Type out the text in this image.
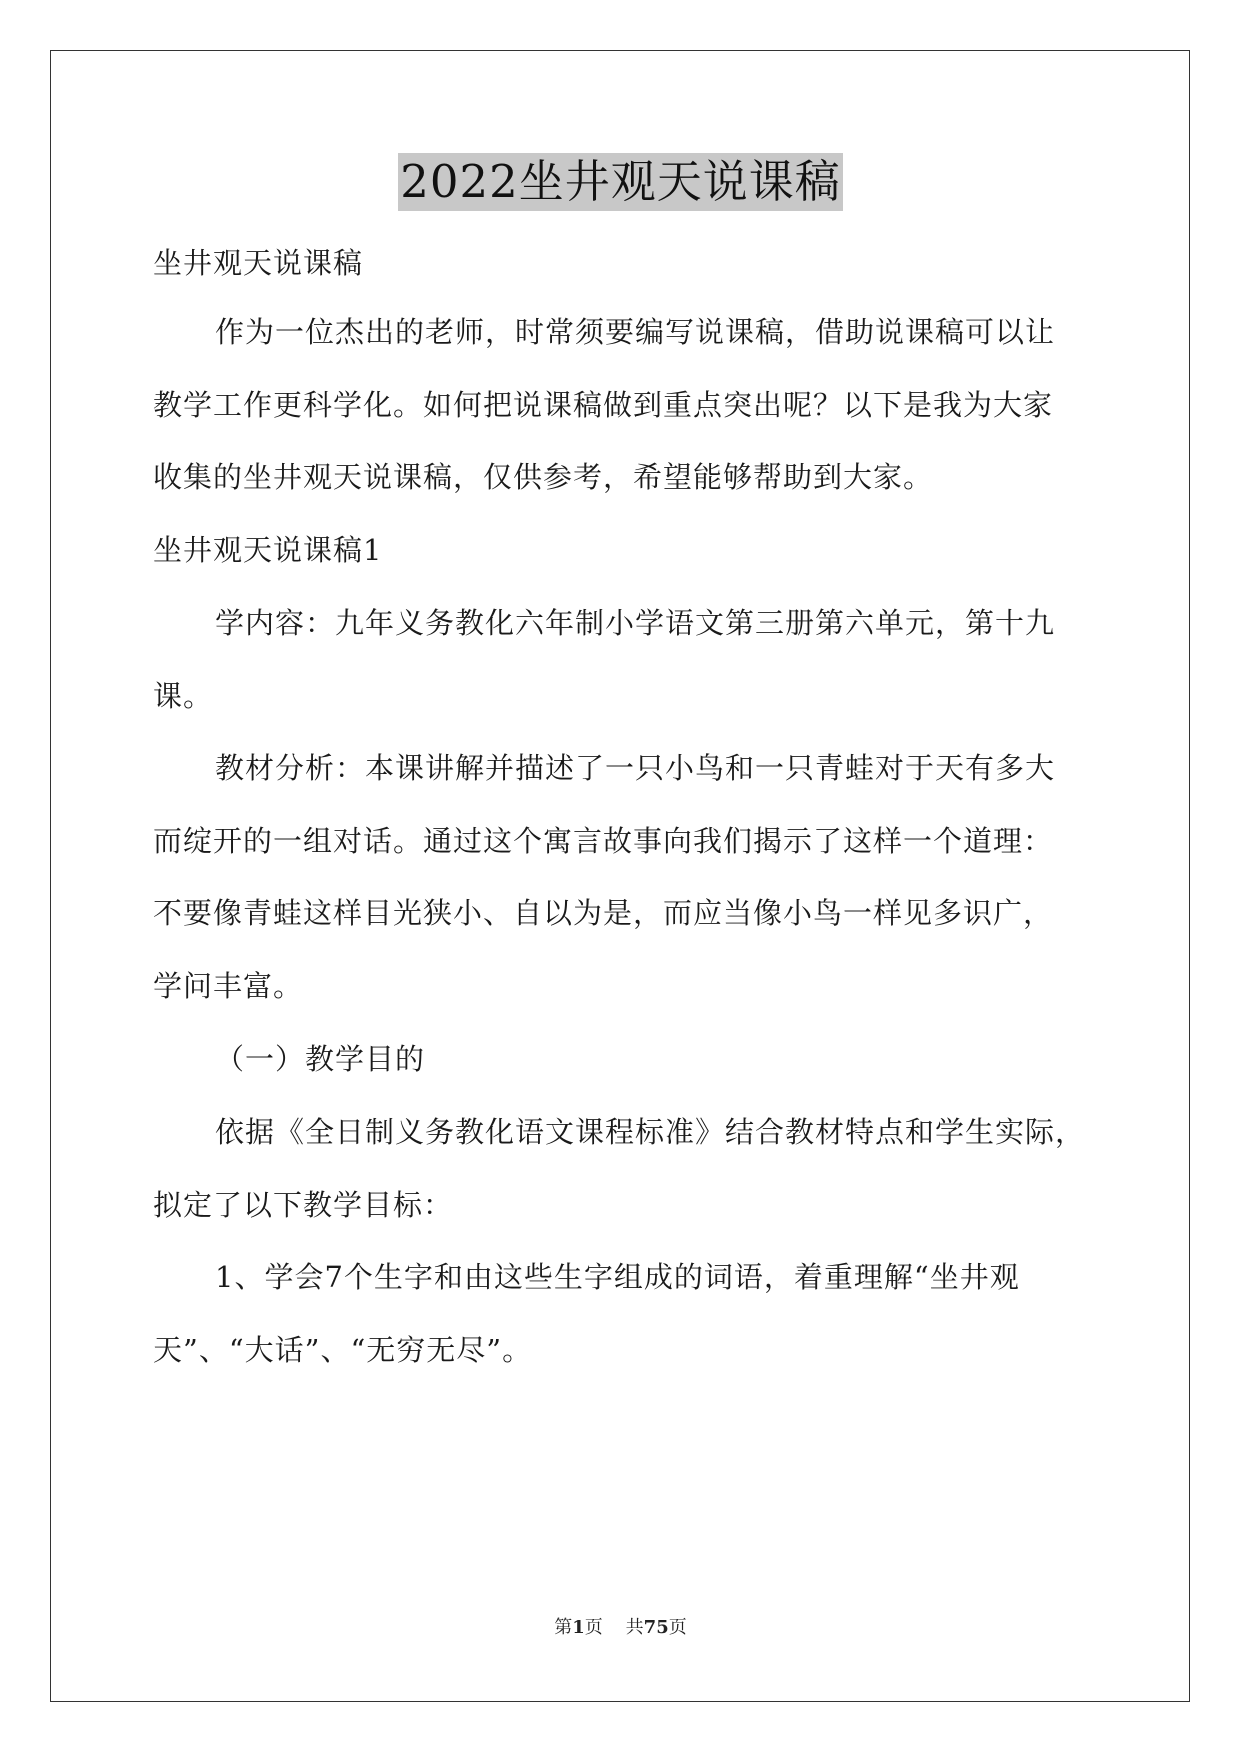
2022坐井观天说课稿
坐井观天说课稿
作为一位杰出的老师，时常须要编写说课稿，借助说课稿可以让
教学工作更科学化。如何把说课稿做到重点突出呢？以下是我为大家
收集的坐井观天说课稿，仅供参考，希望能够帮助到大家。
坐井观天说课稿1
学内容：九年义务教化六年制小学语文第三册第六单元，第十九
课。
教材分析：本课讲解并描述了一只小鸟和一只青蛙对于天有多大
而绽开的一组对话。通过这个寓言故事向我们揭示了这样一个道理：
不要像青蛙这样目光狭小、自以为是，而应当像小鸟一样见多识广，
学问丰富。
（一）教学目的
依据《全日制义务教化语文课程标准》结合教材特点和学生实际，
拟定了以下教学目标：
1、学会7个生字和由这些生字组成的词语，着重理解“坐井观
天”、“大话”、“无穷无尽”。
第1页 共75页
